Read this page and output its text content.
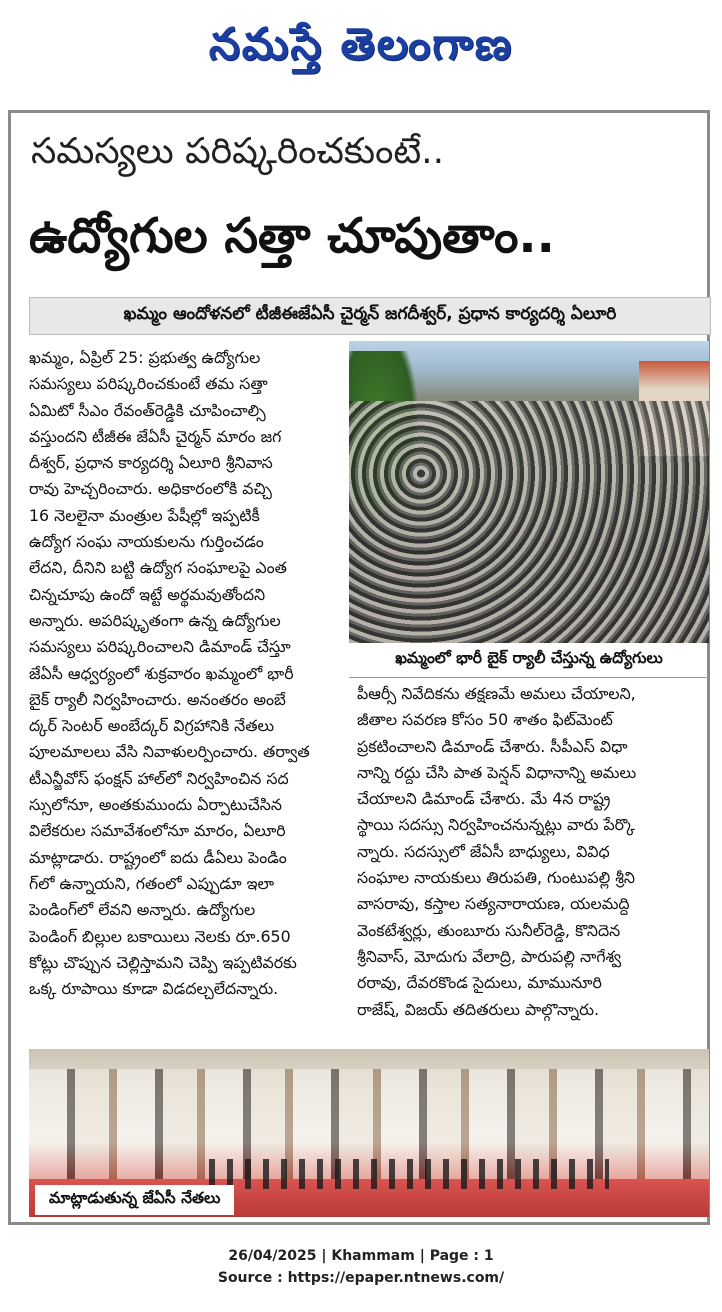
నమస్తే తెలంగాణ
సమస్యలు పరిష్కరించకుంటే..
ఉద్యోగుల సత్తా చూపుతాం..
ఖమ్మం ఆందోళనలో టీజీఈజేఏసీ చైర్మన్ జగదీశ్వర్, ప్రధాన కార్యదర్శి ఏలూరి
ఖమ్మం, ఏప్రిల్ 25: ప్రభుత్వ ఉద్యోగుల
సమస్యలు పరిష్కరించకుంటే తమ సత్తా
ఏమిటో సీఎం రేవంత్‌రెడ్డికి చూపించాల్సి
వస్తుందని టీజీఈ జేఏసీ చైర్మన్ మారం జగ
దీశ్వర్, ప్రధాన కార్యదర్శి ఏలూరి శ్రీనివాస
రావు హెచ్చరించారు. అధికారంలోకి వచ్చి
16 నెలలైనా మంత్రుల పేషీల్లో ఇప్పటికీ
ఉద్యోగ సంఘ నాయకులను గుర్తించడం
లేదని, దీనిని బట్టి ఉద్యోగ సంఘాలపై ఎంత
చిన్నచూపు ఉందో ఇట్టే అర్థమవుతోందని
అన్నారు. అపరిష్కృతంగా ఉన్న ఉద్యోగుల
సమస్యలు పరిష్కరించాలని డిమాండ్ చేస్తూ
జేఏసీ ఆధ్వర్యంలో శుక్రవారం ఖమ్మంలో భారీ
బైక్ ర్యాలీ నిర్వహించారు. అనంతరం అంబే
ద్కర్ సెంటర్ అంబేద్కర్ విగ్రహానికి నేతలు
పూలమాలలు వేసి నివాళులర్పించారు. తర్వాత
టీఎన్జీవోస్ ఫంక్షన్ హాల్‌లో నిర్వహించిన సద
స్సులోనూ, అంతకుముందు ఏర్పాటుచేసిన
విలేకరుల సమావేశంలోనూ మారం, ఏలూరి
మాట్లాడారు. రాష్ట్రంలో ఐదు డీఏలు పెండిం
గ్‌లో ఉన్నాయని, గతంలో ఎప్పుడూ ఇలా
పెండింగ్‌లో లేవని అన్నారు. ఉద్యోగుల
పెండింగ్ బిల్లుల బకాయిలు నెలకు రూ.650
కోట్లు చొప్పున చెల్లిస్తామని చెప్పి ఇప్పటివరకు
ఒక్క రూపాయి కూడా విడదల్చలేదన్నారు.
ఖమ్మంలో భారీ బైక్ ర్యాలీ చేస్తున్న ఉద్యోగులు
పీఆర్సీ నివేదికను తక్షణమే అమలు చేయాలని,
జీతాల సవరణ కోసం 50 శాతం ఫిట్‌మెంట్
ప్రకటించాలని డిమాండ్ చేశారు. సీపీఎస్ విధా
నాన్ని రద్దు చేసి పాత పెన్షన్ విధానాన్ని అమలు
చేయాలని డిమాండ్ చేశారు. మే 4న రాష్ట్ర
స్థాయి సదస్సు నిర్వహించనున్నట్లు వారు పేర్కొ
న్నారు. సదస్సులో జేఏసీ బాధ్యులు, వివిధ
సంఘాల నాయకులు తిరుపతి, గుంటుపల్లి శ్రీని
వాసరావు, కస్తాల సత్యనారాయణ, యలమద్ది
వెంకటేశ్వర్లు, తుంబూరు సునీల్‌రెడ్డి, కొనిదెన
శ్రీనివాస్, మోదుగు వేలాద్రి, పారుపల్లి నాగేశ్వ
రరావు, దేవరకొండ సైదులు, మామునూరి
రాజేష్, విజయ్ తదితరులు పాల్గొన్నారు.
మాట్లాడుతున్న జేఏసీ నేతలు
26/04/2025 | Khammam | Page : 1
Source : https://epaper.ntnews.com/
